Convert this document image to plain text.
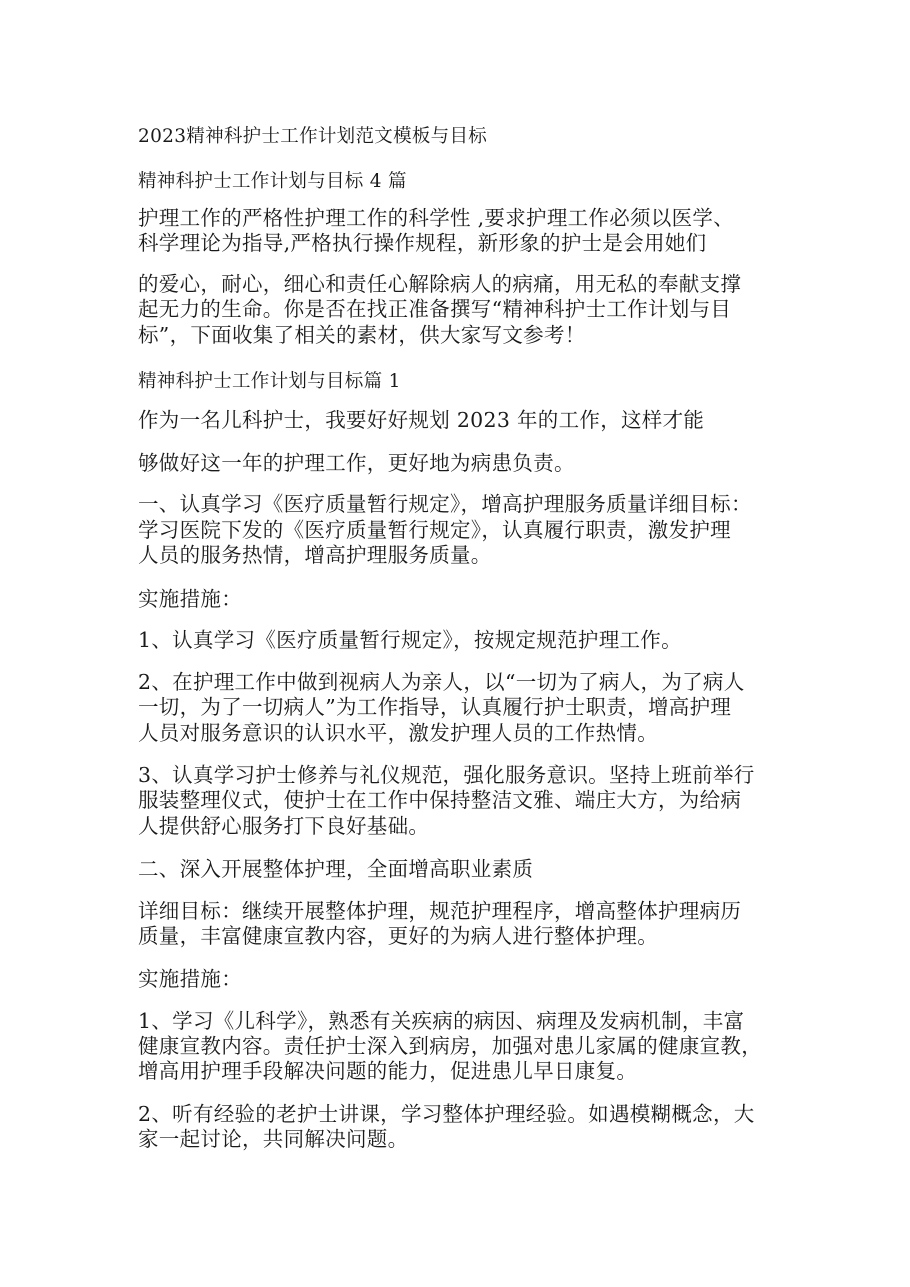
2023精神科护士工作计划范文模板与目标
精神科护士工作计划与目标 4 篇
护理工作的严格性护理工作的科学性 ,要求护理工作必须以医学、
科学理论为指导,严格执行操作规程，新形象的护士是会用她们
的爱心，耐心，细心和责任心解除病人的病痛，用无私的奉献支撑
起无力的生命。你是否在找正准备撰写“精神科护士工作计划与目
标”，下面收集了相关的素材，供大家写文参考！
精神科护士工作计划与目标篇 1
作为一名儿科护士，我要好好规划 2023 年的工作，这样才能
够做好这一年的护理工作，更好地为病患负责。
一、认真学习《医疗质量暂行规定》，增高护理服务质量详细目标：
学习医院下发的《医疗质量暂行规定》，认真履行职责，激发护理
人员的服务热情，增高护理服务质量。
实施措施：
1、认真学习《医疗质量暂行规定》，按规定规范护理工作。
2、在护理工作中做到视病人为亲人，以“一切为了病人，为了病人
一切，为了一切病人”为工作指导，认真履行护士职责，增高护理
人员对服务意识的认识水平，激发护理人员的工作热情。
3、认真学习护士修养与礼仪规范，强化服务意识。坚持上班前举行
服装整理仪式，使护士在工作中保持整洁文雅、端庄大方，为给病
人提供舒心服务打下良好基础。
二、深入开展整体护理，全面增高职业素质
详细目标：继续开展整体护理，规范护理程序，增高整体护理病历
质量，丰富健康宣教内容，更好的为病人进行整体护理。
实施措施：
1、学习《儿科学》，熟悉有关疾病的病因、病理及发病机制，丰富
健康宣教内容。责任护士深入到病房，加强对患儿家属的健康宣教，
增高用护理手段解决问题的能力，促进患儿早日康复。
2、听有经验的老护士讲课，学习整体护理经验。如遇模糊概念，大
家一起讨论，共同解决问题。
